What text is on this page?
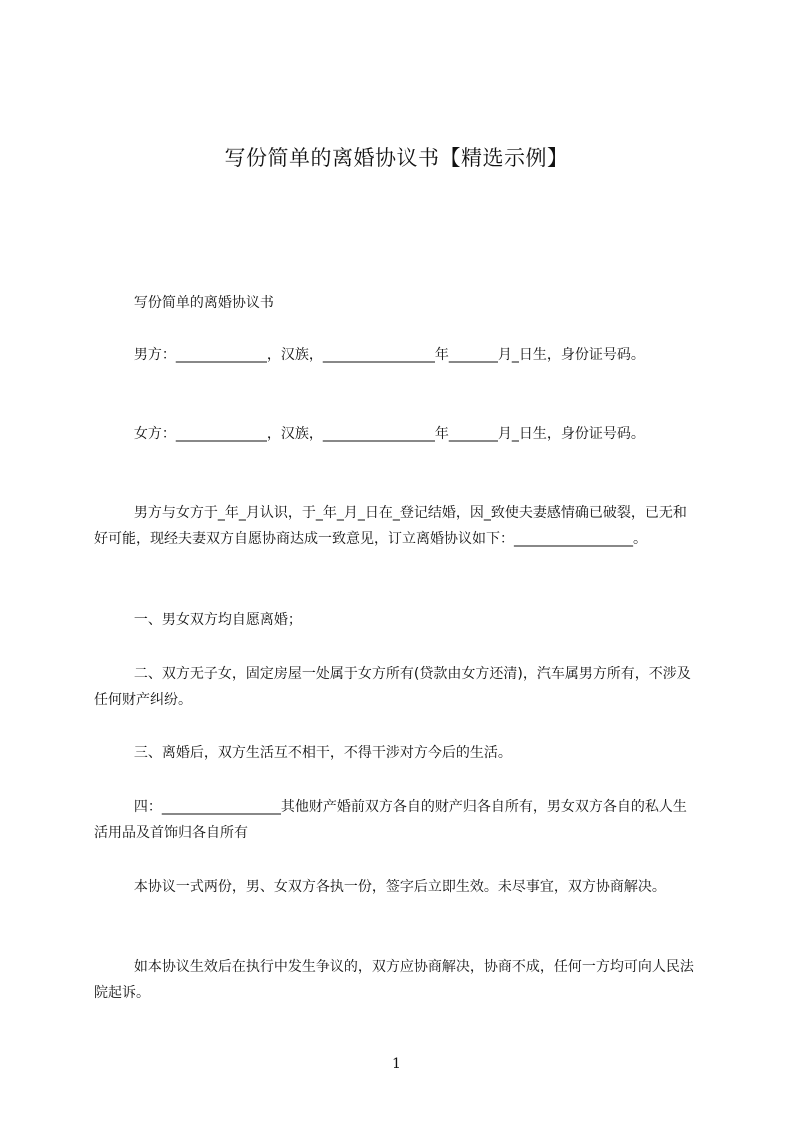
写份简单的离婚协议书【精选示例】

写份简单的离婚协议书

男方：_____________，汉族，________________年_______月_日生，身份证号码。

女方：_____________，汉族，________________年_______月_日生，身份证号码。

男方与女方于_年_月认识，于_年_月_日在_登记结婚，因_致使夫妻感情确已破裂，已无和好可能，现经夫妻双方自愿协商达成一致意见，订立离婚协议如下：_________________。

一、男女双方均自愿离婚；

二、双方无子女，固定房屋一处属于女方所有(贷款由女方还清)，汽车属男方所有，不涉及任何财产纠纷。

三、离婚后，双方生活互不相干，不得干涉对方今后的生活。

四：_________________其他财产婚前双方各自的财产归各自所有，男女双方各自的私人生活用品及首饰归各自所有

本协议一式两份，男、女双方各执一份，签字后立即生效。未尽事宜，双方协商解决。

如本协议生效后在执行中发生争议的，双方应协商解决，协商不成，任何一方均可向人民法院起诉。

1
